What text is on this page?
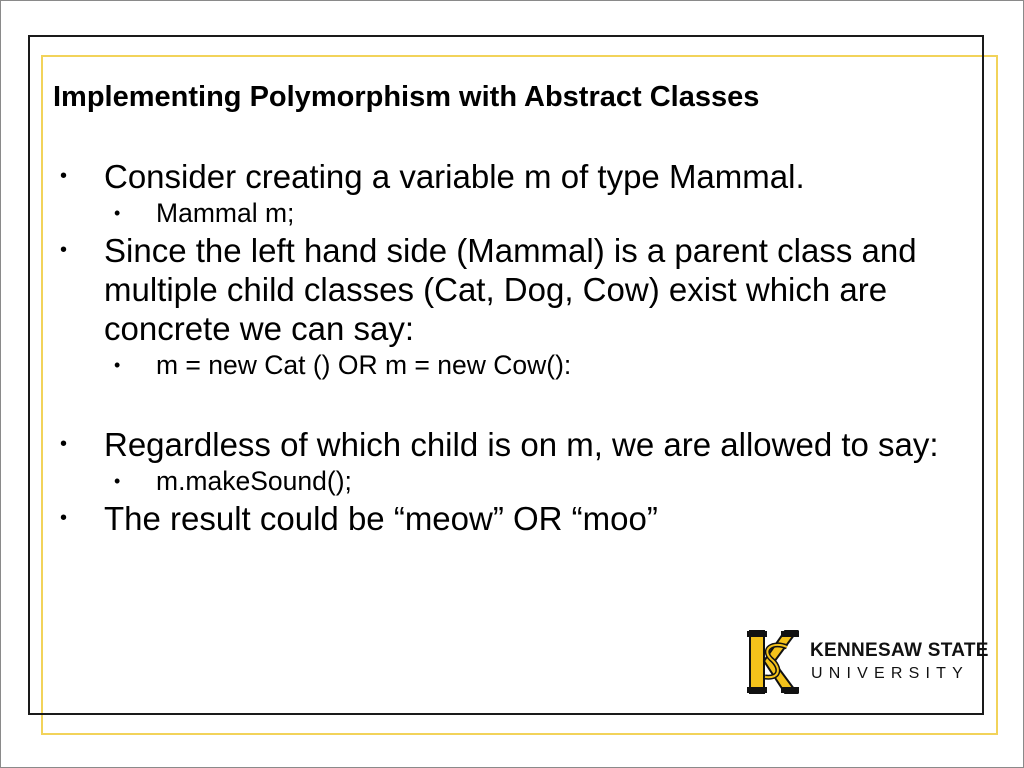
Implementing Polymorphism with Abstract Classes
• Consider creating a variable m of type Mammal.
• Mammal m;
• Since the left hand side (Mammal) is a parent class and multiple child classes (Cat, Dog, Cow) exist which are concrete we can say:
• m = new Cat () OR m = new Cow():
• Regardless of which child is on m, we are allowed to say:
• m.makeSound();
• The result could be “meow” OR “moo”
KENNESAW STATE
UNIVERSITY
